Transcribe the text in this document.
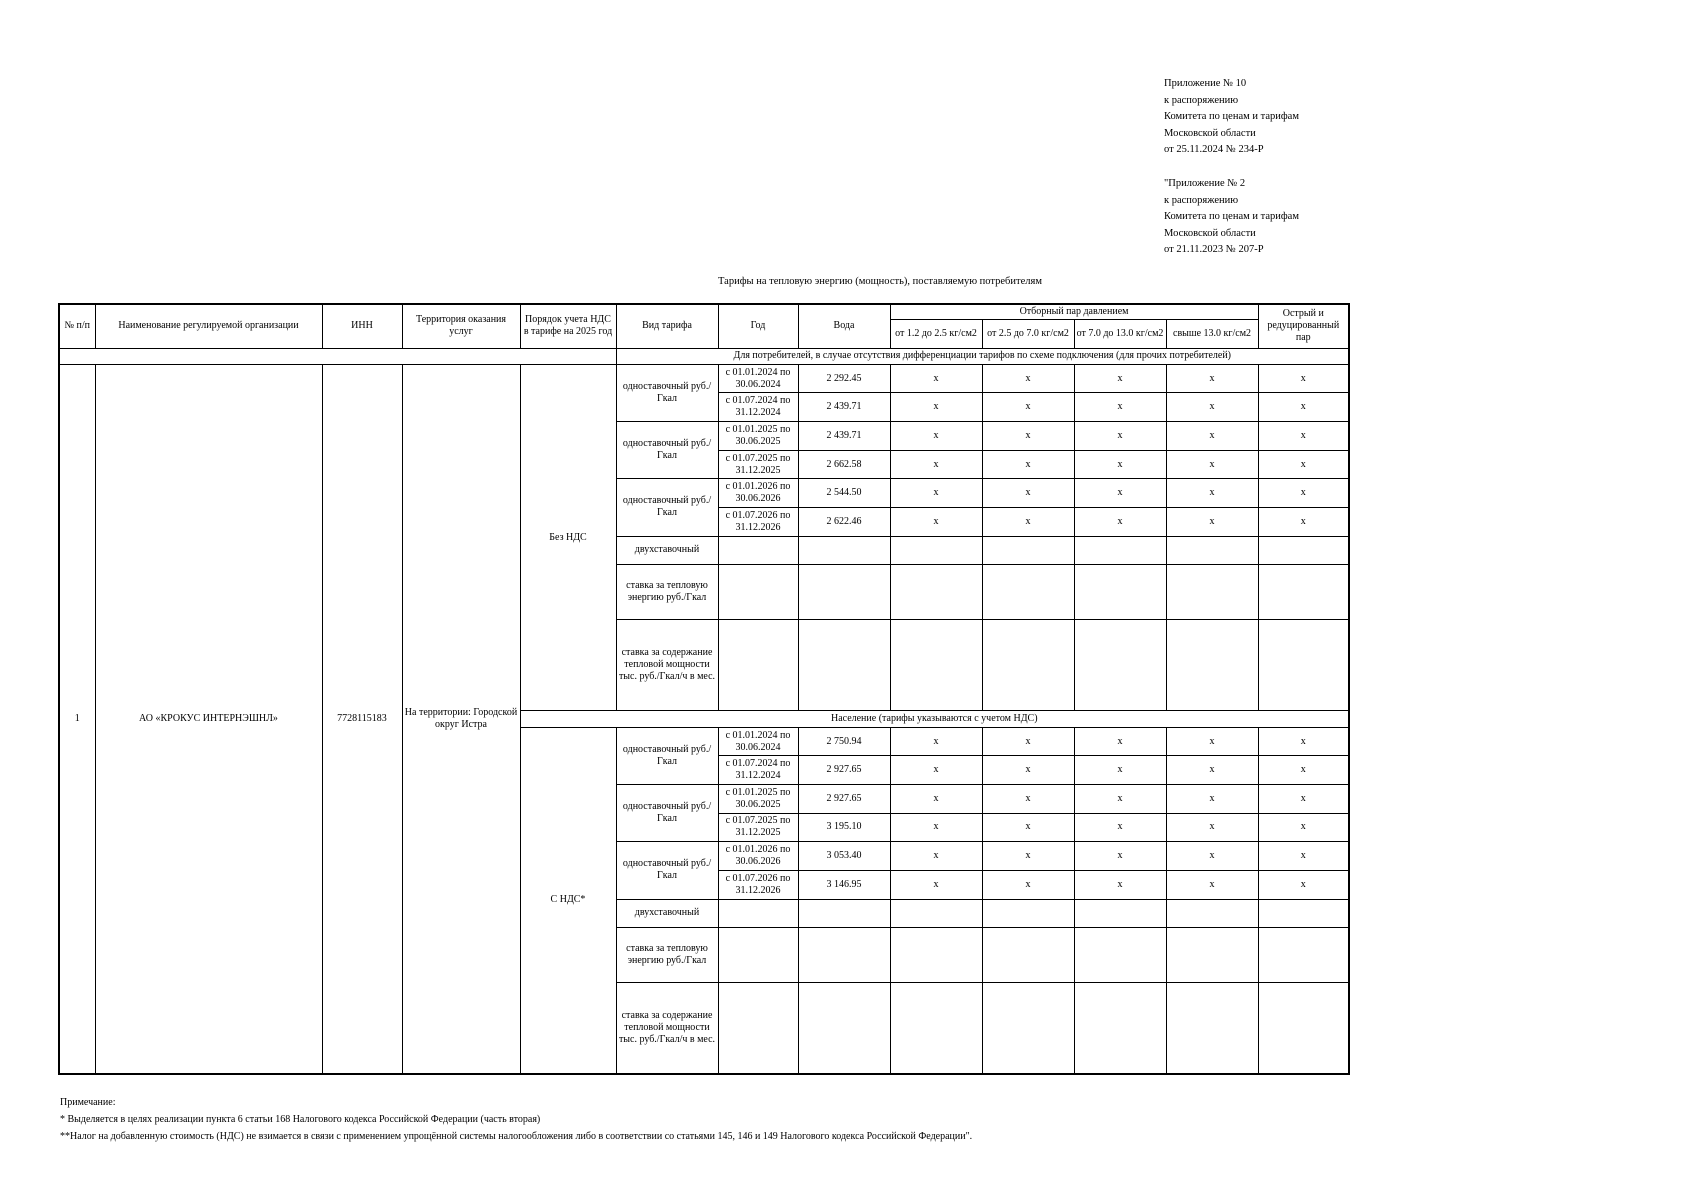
Приложение № 10
к распоряжению
Комитета по ценам и тарифам
Московской области
от 25.11.2024 № 234-Р
"Приложение № 2
к распоряжению
Комитета по ценам и тарифам
Московской области
от 21.11.2023 № 207-Р
Тарифы на тепловую энергию (мощность), поставляемую потребителям
№ п/п	Наименование регулируемой организации	ИНН	Территория оказания услуг	Порядок учета НДС в тарифе на 2025 год	Вид тарифа	Год	Вода	Отборный пар давлением				Острый и редуцированный пар
								от 1.2 до 2.5 кг/см2	от 2.5 до 7.0 кг/см2	от 7.0 до 13.0 кг/см2	свыше 13.0 кг/см2	
					Для потребителей, в случае отсутствия дифференциации тарифов по схеме подключения (для прочих потребителей)							
1	АО «КРОКУС ИНТЕРНЭШНЛ»	7728115183	На территории: Городской округ Истра	Без НДС	одноставочный руб./Гкал	с 01.01.2024 по 30.06.2024	2 292.45	x	x	x	x	x
						с 01.07.2024 по 31.12.2024	2 439.71	x	x	x	x	x
					одноставочный руб./Гкал	с 01.01.2025 по 30.06.2025	2 439.71	x	x	x	x	x
						с 01.07.2025 по 31.12.2025	2 662.58	x	x	x	x	x
					одноставочный руб./Гкал	с 01.01.2026 по 30.06.2026	2 544.50	x	x	x	x	x
						с 01.07.2026 по 31.12.2026	2 622.46	x	x	x	x	x
					двухставочный							
					ставка за тепловую энергию руб./Гкал							
					ставка за содержание тепловой мощности тыс. руб./Гкал/ч в мес.							
				Население (тарифы указываются с учетом НДС)								
				С НДС*	одноставочный руб./Гкал	с 01.01.2024 по 30.06.2024	2 750.94	x	x	x	x	x
						с 01.07.2024 по 31.12.2024	2 927.65	x	x	x	x	x
					одноставочный руб./Гкал	с 01.01.2025 по 30.06.2025	2 927.65	x	x	x	x	x
						с 01.07.2025 по 31.12.2025	3 195.10	x	x	x	x	x
					одноставочный руб./Гкал	с 01.01.2026 по 30.06.2026	3 053.40	x	x	x	x	x
						с 01.07.2026 по 31.12.2026	3 146.95	x	x	x	x	x
					двухставочный							
					ставка за тепловую энергию руб./Гкал							
					ставка за содержание тепловой мощности тыс. руб./Гкал/ч в мес.							
Примечание:
* Выделяется в целях реализации пункта 6 статьи 168 Налогового кодекса Российской Федерации (часть вторая)
**Налог на добавленную стоимость (НДС) не взимается в связи с применением упрощённой системы налогообложения либо в соответствии со статьями 145, 146 и 149 Налогового кодекса Российской Федерации".
